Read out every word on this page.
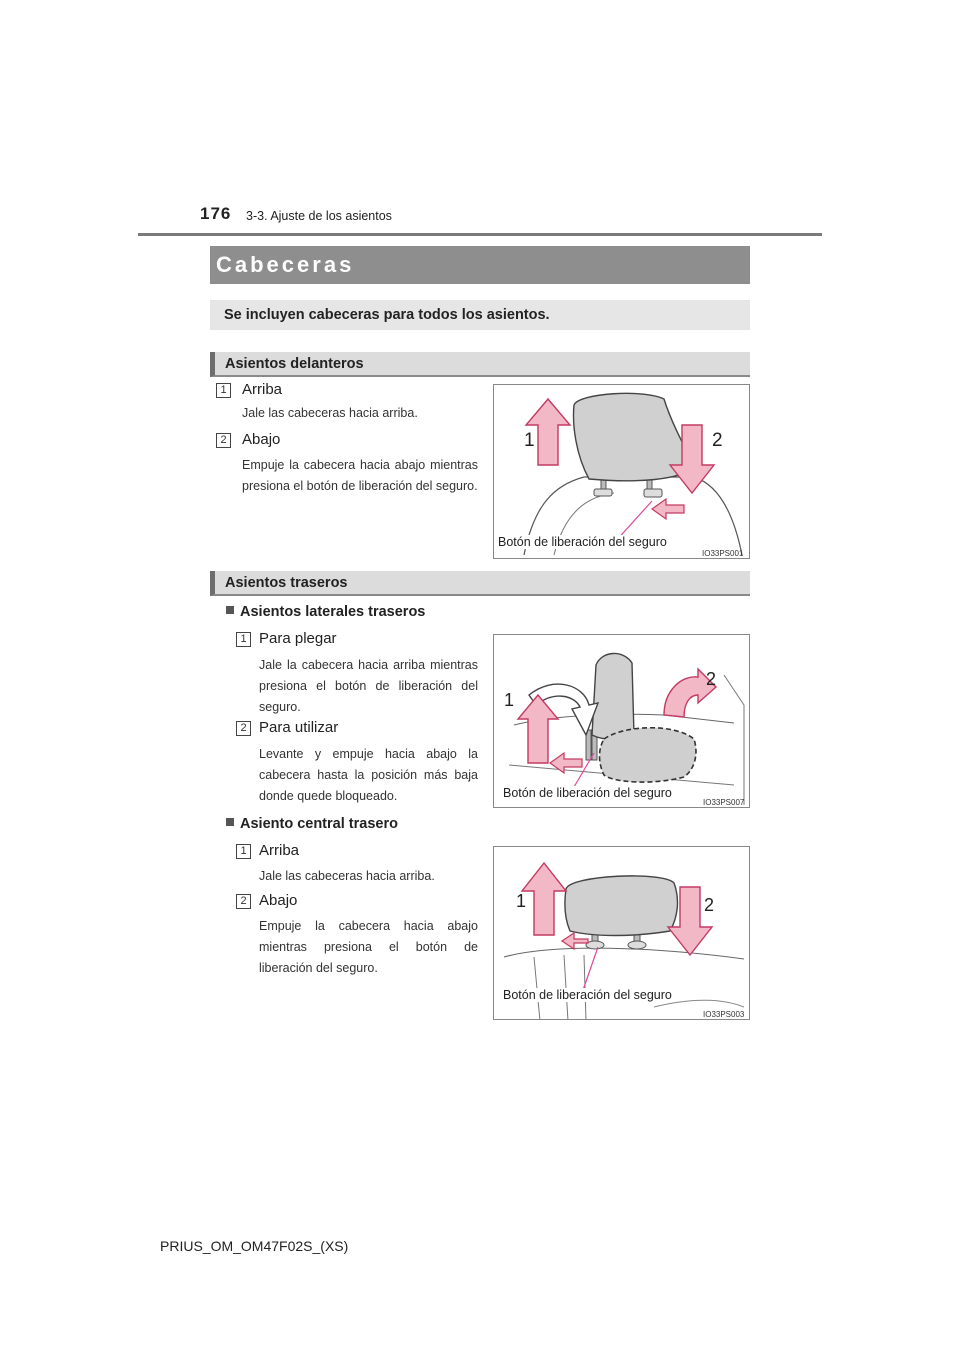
176 3-3. Ajuste de los asientos
Cabeceras
Se incluyen cabeceras para todos los asientos.
Asientos delanteros
1 Arriba
Jale las cabeceras hacia arriba.
2 Abajo
Empuje la cabecera hacia abajo mientras presiona el botón de liberación del seguro.
1	2
Botón de liberación del seguro
IO33PS001
Asientos traseros
Asientos laterales traseros
1 Para plegar
Jale la cabecera hacia arriba mientras presiona el botón de liberación del seguro.
2 Para utilizar
Levante y empuje hacia abajo la cabecera hasta la posición más baja donde quede bloqueado.
1
2
Botón de liberación del seguro
IO33PS007
Asiento central trasero
1 Arriba
Jale las cabeceras hacia arriba.
2 Abajo
Empuje la cabecera hacia abajo mientras presiona el botón de liberación del seguro.
1	2
Botón de liberación del seguro
IO33PS003
PRIUS_OM_OM47F02S_(XS)
